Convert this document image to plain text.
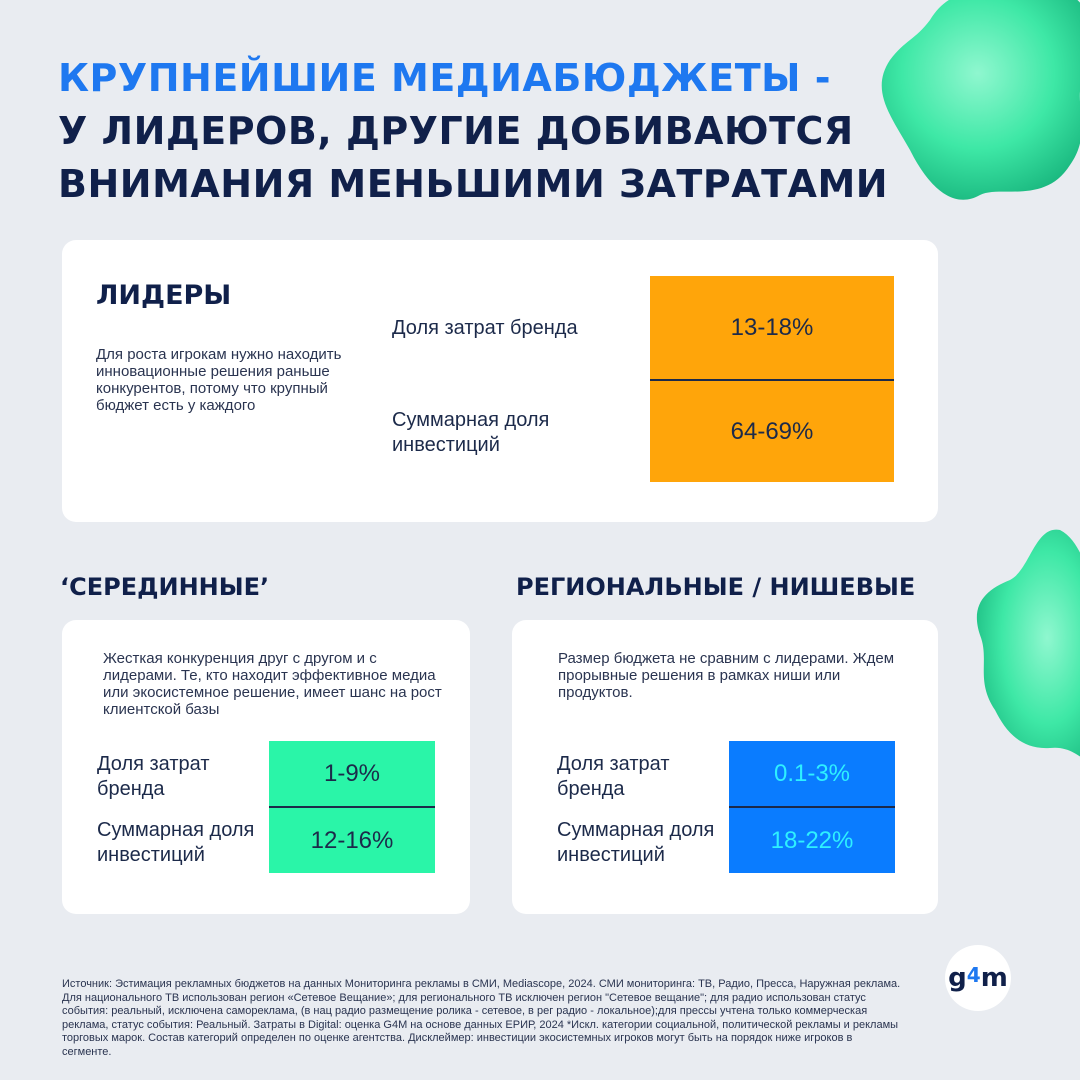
КРУПНЕЙШИЕ МЕДИАБЮДЖЕТЫ -
У ЛИДЕРОВ, ДРУГИЕ ДОБИВАЮТСЯ
ВНИМАНИЯ МЕНЬШИМИ ЗАТРАТАМИ
ЛИДЕРЫ
Для роста игрокам нужно находить инновационные решения раньше конкурентов, потому что крупный бюджет есть у каждого
Доля затрат бренда
Суммарная доля инвестиций
13-18%
64-69%
‘СЕРЕДИННЫЕ’
Жесткая конкуренция друг с другом и с лидерами. Те, кто находит эффективное медиа или экосистемное решение, имеет шанс на рост клиентской базы
Доля затрат бренда
Суммарная доля инвестиций
1-9%
12-16%
РЕГИОНАЛЬНЫЕ / НИШЕВЫЕ
Размер бюджета не сравним с лидерами. Ждем прорывные решения в рамках ниши или продуктов.
Доля затрат бренда
Суммарная доля инвестиций
0.1-3%
18-22%
Источник: Эстимация рекламных бюджетов на данных Мониторинга рекламы в СМИ, Mediascope, 2024. СМИ мониторинга: ТВ, Радио, Пресса, Наружная реклама. Для национального ТВ использован регион «Сетевое Вещание»; для регионального ТВ исключен регион "Сетевое вещание"; для радио использован статус события: реальный, исключена самореклама, (в нац радио размещение ролика - сетевое, в рег радио - локальное);для прессы учтена только коммерческая реклама, статус события: Реальный. Затраты в Digital: оценка G4M на основе данных ЕРИР, 2024 *Искл. категории социальной, политической рекламы и рекламы торговых марок. Состав категорий определен по оценке агентства. Дисклеймер: инвестиции экосистемных игроков могут быть на порядок ниже игроков в сегменте.
$g^4$ m
